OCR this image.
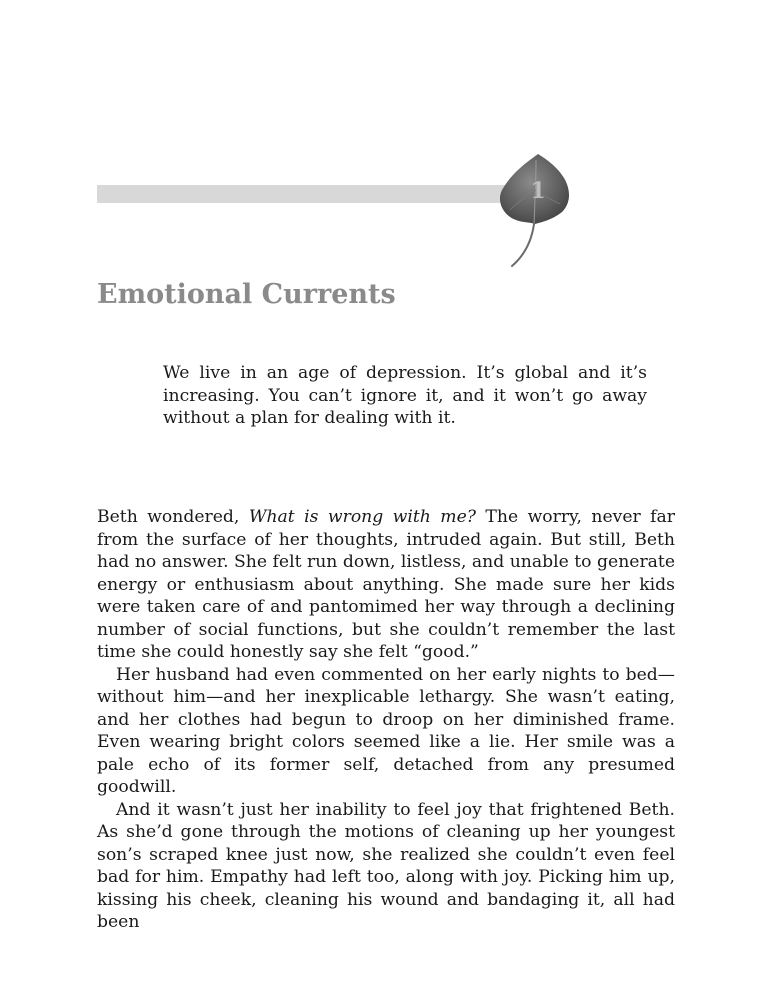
1
Emotional Currents

We live in an age of depression. It’s global and it’s increasing. You can’t ignore it, and it won’t go away without a plan for dealing with it.

Beth wondered, What is wrong with me? The worry, never far from the surface of her thoughts, intruded again. But still, Beth had no answer. She felt run down, listless, and unable to generate energy or enthusiasm about anything. She made sure her kids were taken care of and pantomimed her way through a declining number of social functions, but she couldn’t remember the last time she could honestly say she felt “good.”

Her husband had even commented on her early nights to bed—without him—and her inexplicable lethargy. She wasn’t eating, and her clothes had begun to droop on her diminished frame. Even wearing bright colors seemed like a lie. Her smile was a pale echo of its former self, detached from any presumed goodwill.

And it wasn’t just her inability to feel joy that frightened Beth. As she’d gone through the motions of cleaning up her youngest son’s scraped knee just now, she realized she couldn’t even feel bad for him. Empathy had left too, along with joy. Picking him up, kissing his cheek, cleaning his wound and bandaging it, all had been
